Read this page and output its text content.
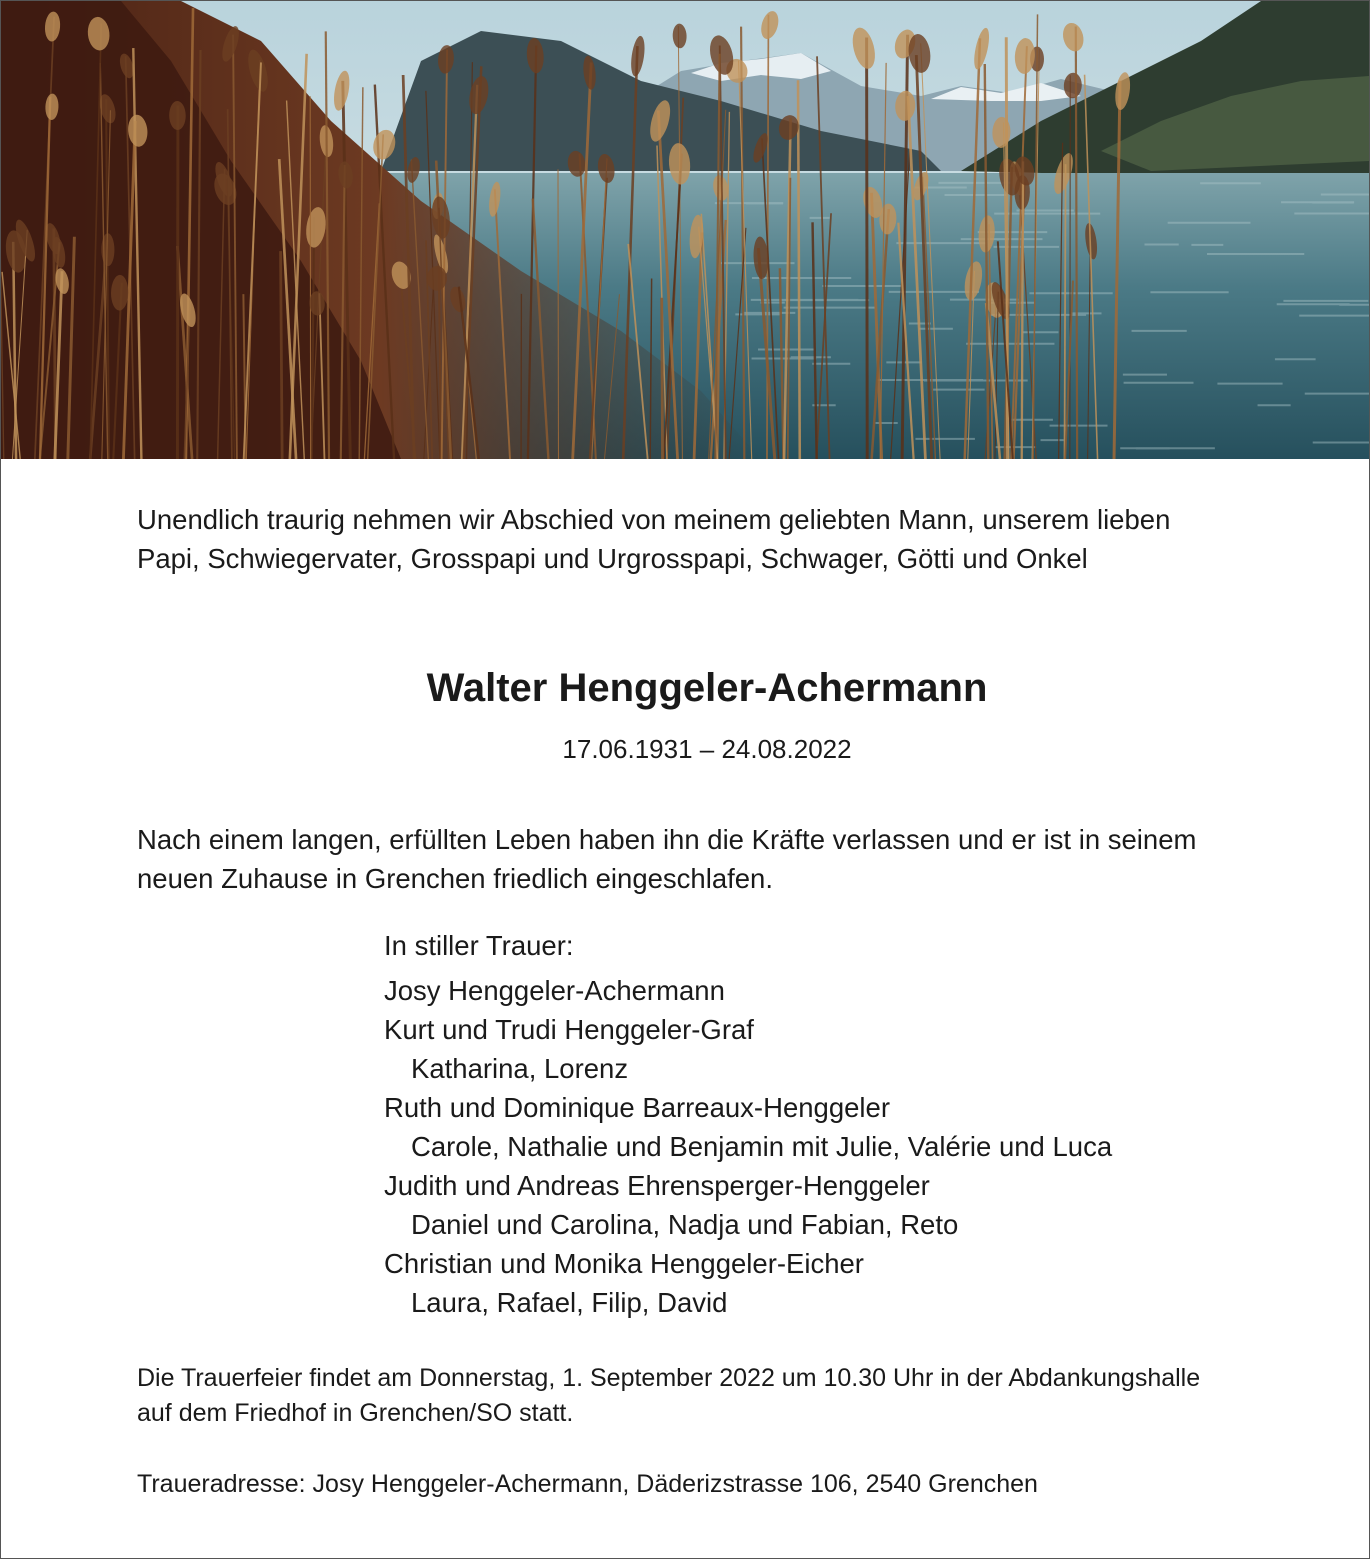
Unendlich traurig nehmen wir Abschied von meinem geliebten Mann, unserem lieben Papi, Schwiegervater, Grosspapi und Urgrosspapi, Schwager, Götti und Onkel

Walter Henggeler-Achermann
17.06.1931 – 24.08.2022

Nach einem langen, erfüllten Leben haben ihn die Kräfte verlassen und er ist in seinem neuen Zuhause in Grenchen friedlich eingeschlafen.

In stiller Trauer:
Josy Henggeler-Achermann
Kurt und Trudi Henggeler-Graf
Katharina, Lorenz
Ruth und Dominique Barreaux-Henggeler
Carole, Nathalie und Benjamin mit Julie, Valérie und Luca
Judith und Andreas Ehrensperger-Henggeler
Daniel und Carolina, Nadja und Fabian, Reto
Christian und Monika Henggeler-Eicher
Laura, Rafael, Filip, David

Die Trauerfeier findet am Donnerstag, 1. September 2022 um 10.30 Uhr in der Abdankungshalle auf dem Friedhof in Grenchen/SO statt.

Traueradresse: Josy Henggeler-Achermann, Däderizstrasse 106, 2540 Grenchen
